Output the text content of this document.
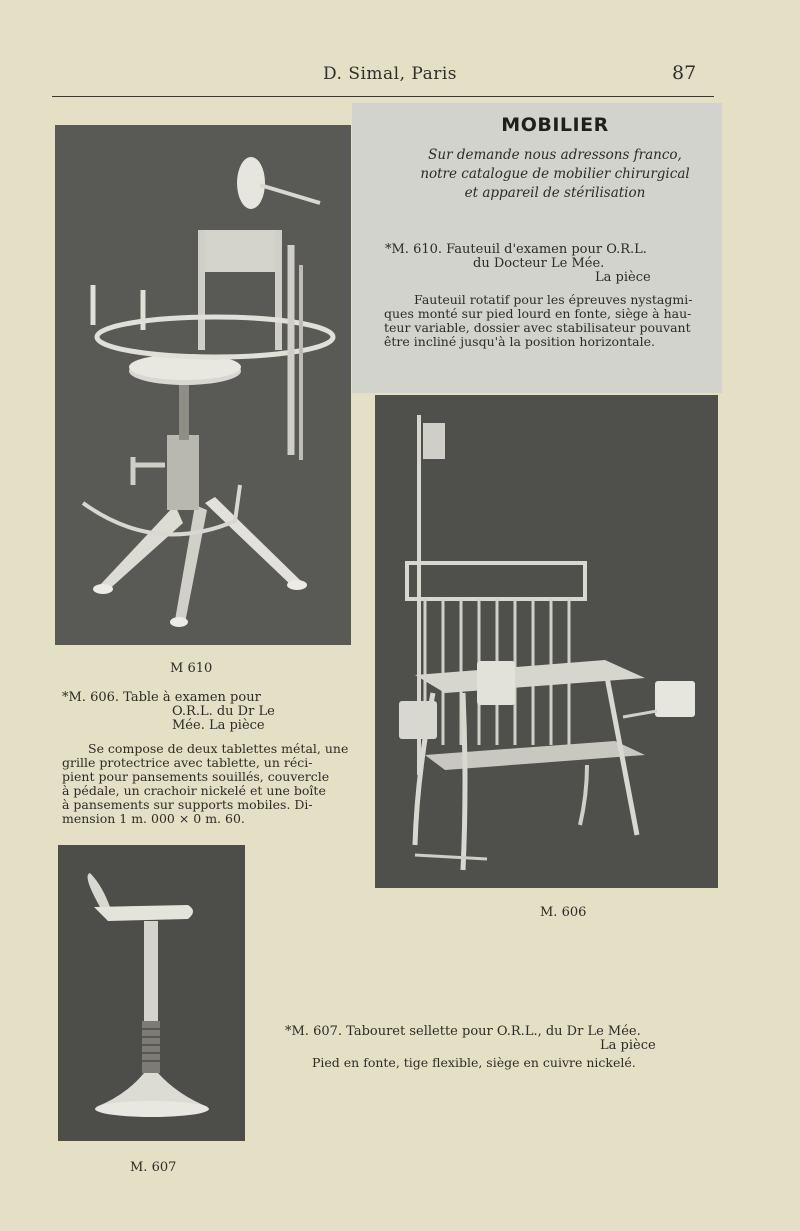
D. Simal, Paris	87
MOBILIER
Sur demande nous adressons franco,
notre catalogue de mobilier chirurgical
et appareil de stérilisation
*M. 610. Fauteuil d'examen pour O.R.L.
du Docteur Le Mée.
La pièce
Fauteuil rotatif pour les épreuves nystagmi-
ques monté sur pied lourd en fonte, siège à hau-
teur variable, dossier avec stabilisateur pouvant
être incliné jusqu'à la position horizontale.
M 610
*M. 606. Table à examen pour
O.R.L. du Dr Le
Mée. La pièce
Se compose de deux tablettes métal, une
grille protectrice avec tablette, un réci-
pient pour pansements souillés, couvercle
à pédale, un crachoir nickelé et une boîte
à pansements sur supports mobiles. Di-
mension 1 m. 000 × 0 m. 60.
M. 606
*M. 607. Tabouret sellette pour O.R.L., du Dr Le Mée.
La pièce
Pied en fonte, tige flexible, siège en cuivre nickelé.
M. 607
